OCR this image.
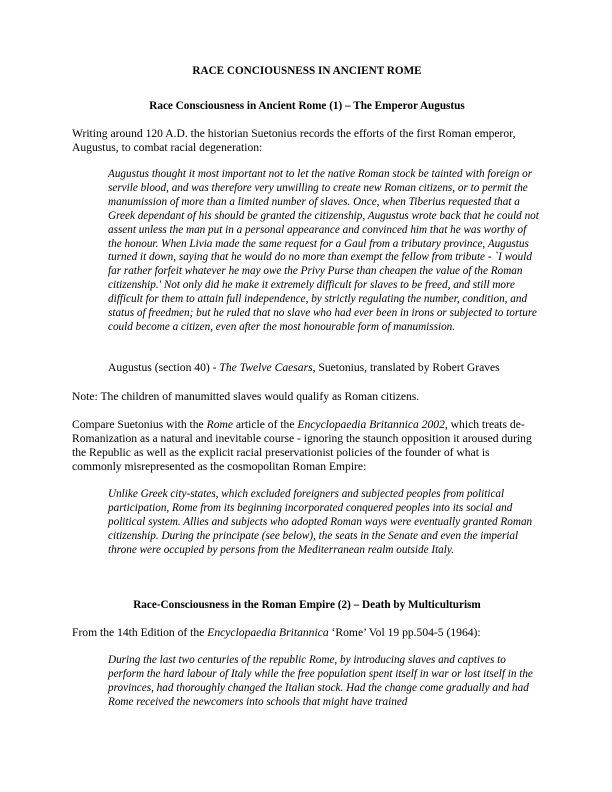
RACE CONCIOUSNESS IN ANCIENT ROME
Race Consciousness in Ancient Rome (1) – The Emperor Augustus

Writing around 120 A.D. the historian Suetonius records the efforts of the first Roman emperor, Augustus, to combat racial degeneration:

Augustus thought it most important not to let the native Roman stock be tainted with foreign or servile blood, and was therefore very unwilling to create new Roman citizens, or to permit the manumission of more than a limited number of slaves. Once, when Tiberius requested that a Greek dependant of his should be granted the citizenship, Augustus wrote back that he could not assent unless the man put in a personal appearance and convinced him that he was worthy of the honour. When Livia made the same request for a Gaul from a tributary province, Augustus turned it down, saying that he would do no more than exempt the fellow from tribute - `I would far rather forfeit whatever he may owe the Privy Purse than cheapen the value of the Roman citizenship.' Not only did he make it extremely difficult for slaves to be freed, and still more difficult for them to attain full independence, by strictly regulating the number, condition, and status of freedmen; but he ruled that no slave who had ever been in irons or subjected to torture could become a citizen, even after the most honourable form of manumission.

Augustus (section 40) - The Twelve Caesars, Suetonius, translated by Robert Graves

Note: The children of manumitted slaves would qualify as Roman citizens.

Compare Suetonius with the Rome article of the Encyclopaedia Britannica 2002, which treats de-Romanization as a natural and inevitable course - ignoring the staunch opposition it aroused during the Republic as well as the explicit racial preservationist policies of the founder of what is commonly misrepresented as the cosmopolitan Roman Empire:

Unlike Greek city-states, which excluded foreigners and subjected peoples from political participation, Rome from its beginning incorporated conquered peoples into its social and political system. Allies and subjects who adopted Roman ways were eventually granted Roman citizenship. During the principate (see below), the seats in the Senate and even the imperial throne were occupied by persons from the Mediterranean realm outside Italy.

Race-Consciousness in the Roman Empire (2) – Death by Multiculturism

From the 14th Edition of the Encyclopaedia Britannica ‘Rome’ Vol 19 pp.504-5 (1964):

During the last two centuries of the republic Rome, by introducing slaves and captives to perform the hard labour of Italy while the free population spent itself in war or lost itself in the provinces, had thoroughly changed the Italian stock. Had the change come gradually and had Rome received the newcomers into schools that might have trained
